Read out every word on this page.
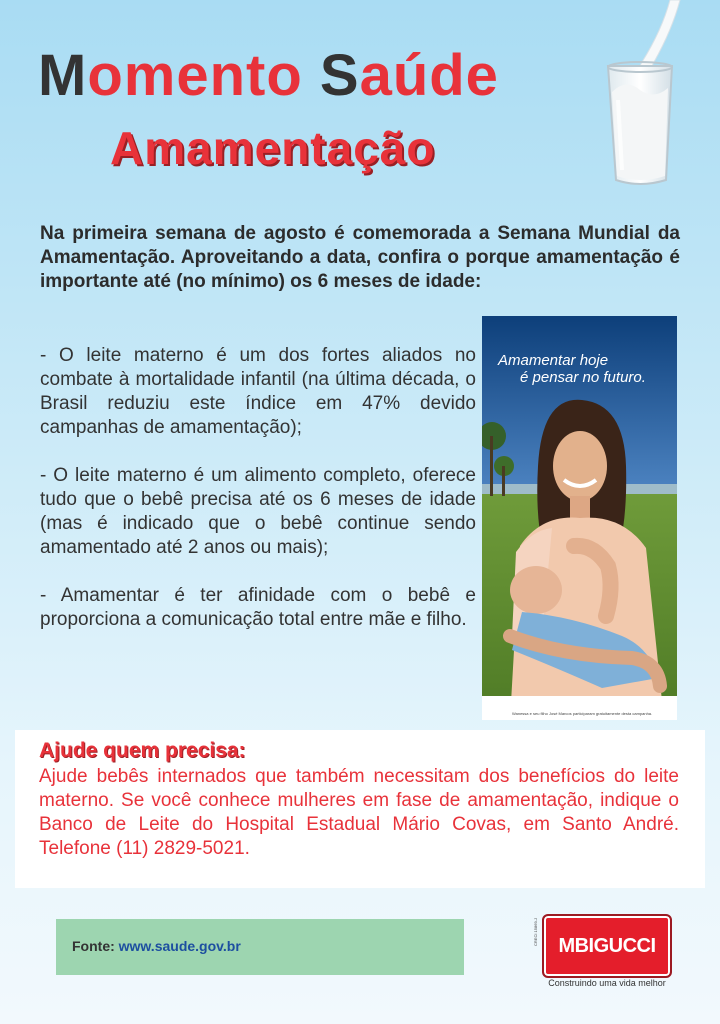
Momento Saúde
Amamentação

Na primeira semana de agosto é comemorada a Semana Mundial da Amamentação. Aproveitando a data, confira o porque amamentação é importante até (no mínimo) os 6 meses de idade:

- O leite materno é um dos fortes aliados no combate à mortalidade infantil (na última década, o Brasil reduziu este índice em 47% devido campanhas de amamentação);

- O leite materno é um alimento completo, oferece tudo que o bebê precisa até os 6 meses de idade (mas é indicado que o bebê continue sendo amamentado até 2 anos ou mais);

- Amamentar é ter afinidade com o bebê e proporciona a comunicação total entre mãe e filho.

Amamentar hoje
é pensar no futuro.
Wanessa e seu filho José Marcos participaram gratuitamente desta campanha.
Ajude quem precisa:

Ajude bebês internados que também necessitam dos benefícios do leite materno. Se você conhece mulheres em fase de amamentação, indique o Banco de Leite do Hospital Estadual Mário Covas, em Santo André. Telefone (11) 2829-5021.

Fonte: www.saude.gov.br	CRECI 15869-J	MBIGUCCI
Construindo uma vida melhor
